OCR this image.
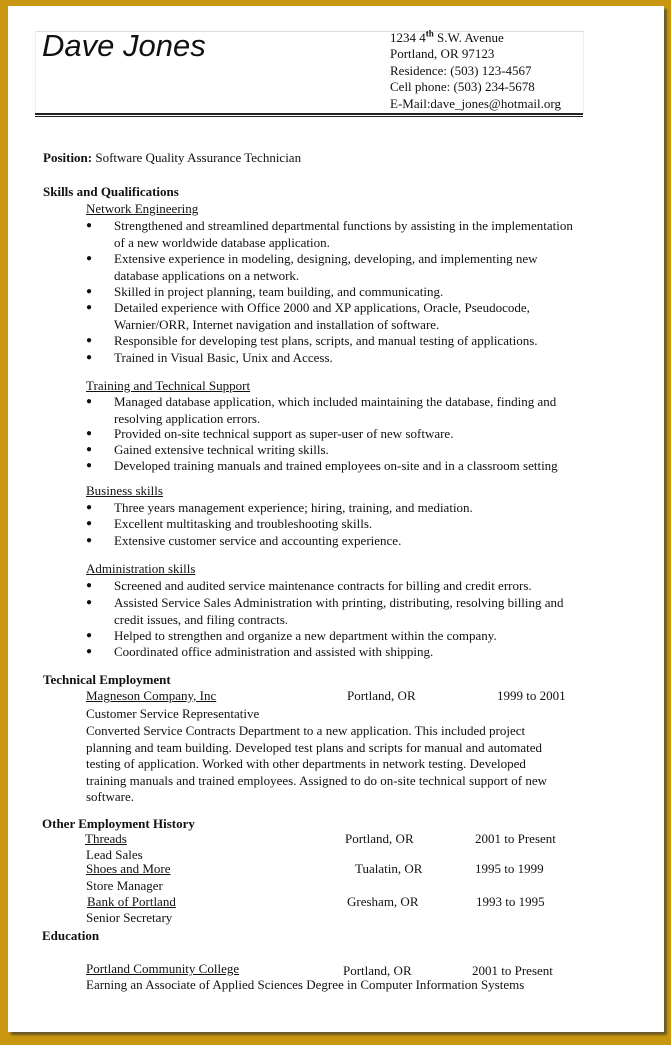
Dave Jones	1234 4th S.W. Avenue
Portland, OR 97123
Residence: (503) 123-4567
Cell phone: (503) 234-5678
E-Mail:dave_jones@hotmail.org
Position: Software Quality Assurance Technician
Skills and Qualifications
Network Engineering
●	Strengthened and streamlined departmental functions by assisting in the implementation of a new worldwide database application.
●	Extensive experience in modeling, designing, developing, and implementing new database applications on a network.
●	Skilled in project planning, team building, and communicating.
●	Detailed experience with Office 2000 and XP applications, Oracle, Pseudocode, Warnier/ORR, Internet navigation and installation of software.
●	Responsible for developing test plans, scripts, and manual testing of applications.
●	Trained in Visual Basic, Unix and Access.
Training and Technical Support
●	Managed database application, which included maintaining the database, finding and resolving application errors.
●	Provided on-site technical support as super-user of new software.
●	Gained extensive technical writing skills.
●	Developed training manuals and trained employees on-site and in a classroom setting
Business skills
●	Three years management experience; hiring, training, and mediation.
●	Excellent multitasking and troubleshooting skills.
●	Extensive customer service and accounting experience.
Administration skills
●	Screened and audited service maintenance contracts for billing and credit errors.
●	Assisted Service Sales Administration with printing, distributing, resolving billing and credit issues, and filing contracts.
●	Helped to strengthen and organize a new department within the company.
●	Coordinated office administration and assisted with shipping.
Technical Employment
Magneson Company, Inc	Portland, OR	1999 to 2001
Customer Service Representative
Converted Service Contracts Department to a new application. This included project planning and team building. Developed test plans and scripts for manual and automated testing of application. Worked with other departments in network testing. Developed training manuals and trained employees. Assigned to do on-site technical support of new software.
Other Employment History
Threads	Portland, OR	2001 to Present
Lead Sales
Shoes and More	Tualatin, OR	1995 to 1999
Store Manager
Bank of Portland	Gresham, OR	1993 to 1995
Senior Secretary
Education
Portland Community College	Portland, OR	2001 to Present
Earning an Associate of Applied Sciences Degree in Computer Information Systems
